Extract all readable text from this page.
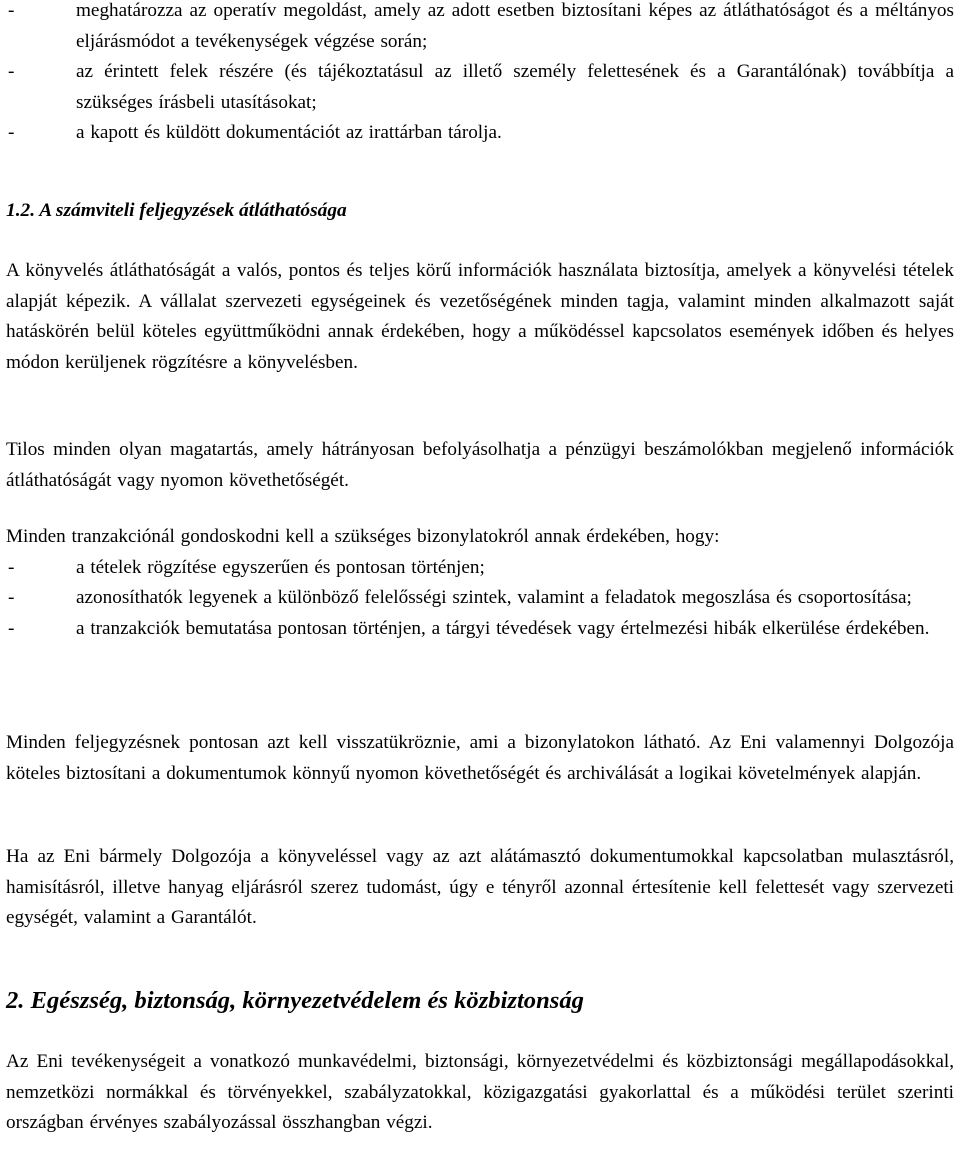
-	meghatározza az operatív megoldást, amely az adott esetben biztosítani képes az átláthatóságot és a méltányos eljárásmódot a tevékenységek végzése során;
-	az érintett felek részére (és tájékoztatásul az illető személy felettesének és a Garantálónak) továbbítja a szükséges írásbeli utasításokat;
-	a kapott és küldött dokumentációt az irattárban tárolja.
1.2. A számviteli feljegyzések átláthatósága

A könyvelés átláthatóságát a valós, pontos és teljes körű információk használata biztosítja, amelyek a könyvelési tételek alapját képezik. A vállalat szervezeti egységeinek és vezetőségének minden tagja, valamint minden alkalmazott saját hatáskörén belül köteles együttműködni annak érdekében, hogy a működéssel kapcsolatos események időben és helyes módon kerüljenek rögzítésre a könyvelésben.

Tilos minden olyan magatartás, amely hátrányosan befolyásolhatja a pénzügyi beszámolókban megjelenő információk átláthatóságát vagy nyomon követhetőségét.

Minden tranzakciónál gondoskodni kell a szükséges bizonylatokról annak érdekében, hogy:

-	a tételek rögzítése egyszerűen és pontosan történjen;
-	azonosíthatók legyenek a különböző felelősségi szintek, valamint a feladatok megoszlása és csoportosítása;
-	a tranzakciók bemutatása pontosan történjen, a tárgyi tévedések vagy értelmezési hibák elkerülése érdekében.

Minden feljegyzésnek pontosan azt kell visszatükröznie, ami a bizonylatokon látható. Az Eni valamennyi Dolgozója köteles biztosítani a dokumentumok könnyű nyomon követhetőségét és archiválását a logikai követelmények alapján.

Ha az Eni bármely Dolgozója a könyveléssel vagy az azt alátámasztó dokumentumokkal kapcsolatban mulasztásról, hamisításról, illetve hanyag eljárásról szerez tudomást, úgy e tényről azonnal értesítenie kell felettesét vagy szervezeti egységét, valamint a Garantálót.

2. Egészség, biztonság, környezetvédelem és közbiztonság

Az Eni tevékenységeit a vonatkozó munkavédelmi, biztonsági, környezetvédelmi és közbiztonsági megállapodásokkal, nemzetközi normákkal és törvényekkel, szabályzatokkal, közigazgatási gyakorlattal és a működési terület szerinti országban érvényes szabályozással összhangban végzi.
